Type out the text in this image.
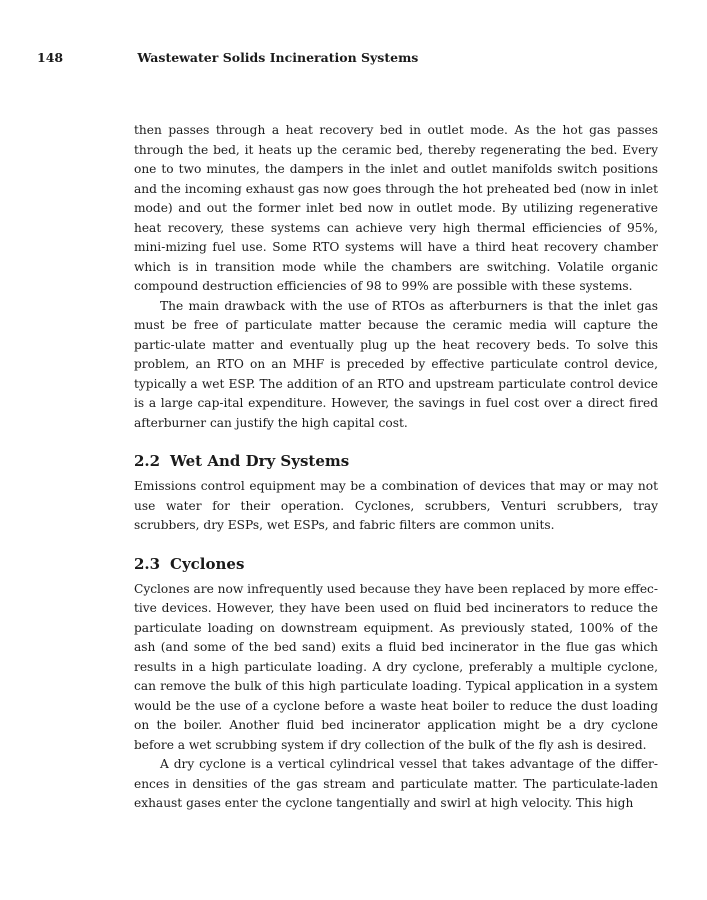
148	Wastewater Solids Incineration Systems

then passes through a heat recovery bed in outlet mode. As the hot gas passes through the bed, it heats up the ceramic bed, thereby regenerating the bed. Every one to two minutes, the dampers in the inlet and outlet manifolds switch positions and the incoming exhaust gas now goes through the hot preheated bed (now in inlet mode) and out the former inlet bed now in outlet mode. By utilizing regenerative heat recovery, these systems can achieve very high thermal efficiencies of 95%, mini-mizing fuel use. Some RTO systems will have a third heat recovery chamber which is in transition mode while the chambers are switching. Volatile organic compound destruction efficiencies of 98 to 99% are possible with these systems.

The main drawback with the use of RTOs as afterburners is that the inlet gas must be free of particulate matter because the ceramic media will capture the partic-ulate matter and eventually plug up the heat recovery beds. To solve this problem, an RTO on an MHF is preceded by effective particulate control device, typically a wet ESP. The addition of an RTO and upstream particulate control device is a large cap-ital expenditure. However, the savings in fuel cost over a direct fired afterburner can justify the high capital cost.

2.2 Wet And Dry Systems

Emissions control equipment may be a combination of devices that may or may not use water for their operation. Cyclones, scrubbers, Venturi scrubbers, tray scrubbers, dry ESPs, wet ESPs, and fabric filters are common units.

2.3 Cyclones

Cyclones are now infrequently used because they have been replaced by more effec-tive devices. However, they have been used on fluid bed incinerators to reduce the particulate loading on downstream equipment. As previously stated, 100% of the ash (and some of the bed sand) exits a fluid bed incinerator in the flue gas which results in a high particulate loading. A dry cyclone, preferably a multiple cyclone, can remove the bulk of this high particulate loading. Typical application in a system would be the use of a cyclone before a waste heat boiler to reduce the dust loading on the boiler. Another fluid bed incinerator application might be a dry cyclone before a wet scrubbing system if dry collection of the bulk of the fly ash is desired.

A dry cyclone is a vertical cylindrical vessel that takes advantage of the differ-ences in densities of the gas stream and particulate matter. The particulate-laden exhaust gases enter the cyclone tangentially and swirl at high velocity. This high
